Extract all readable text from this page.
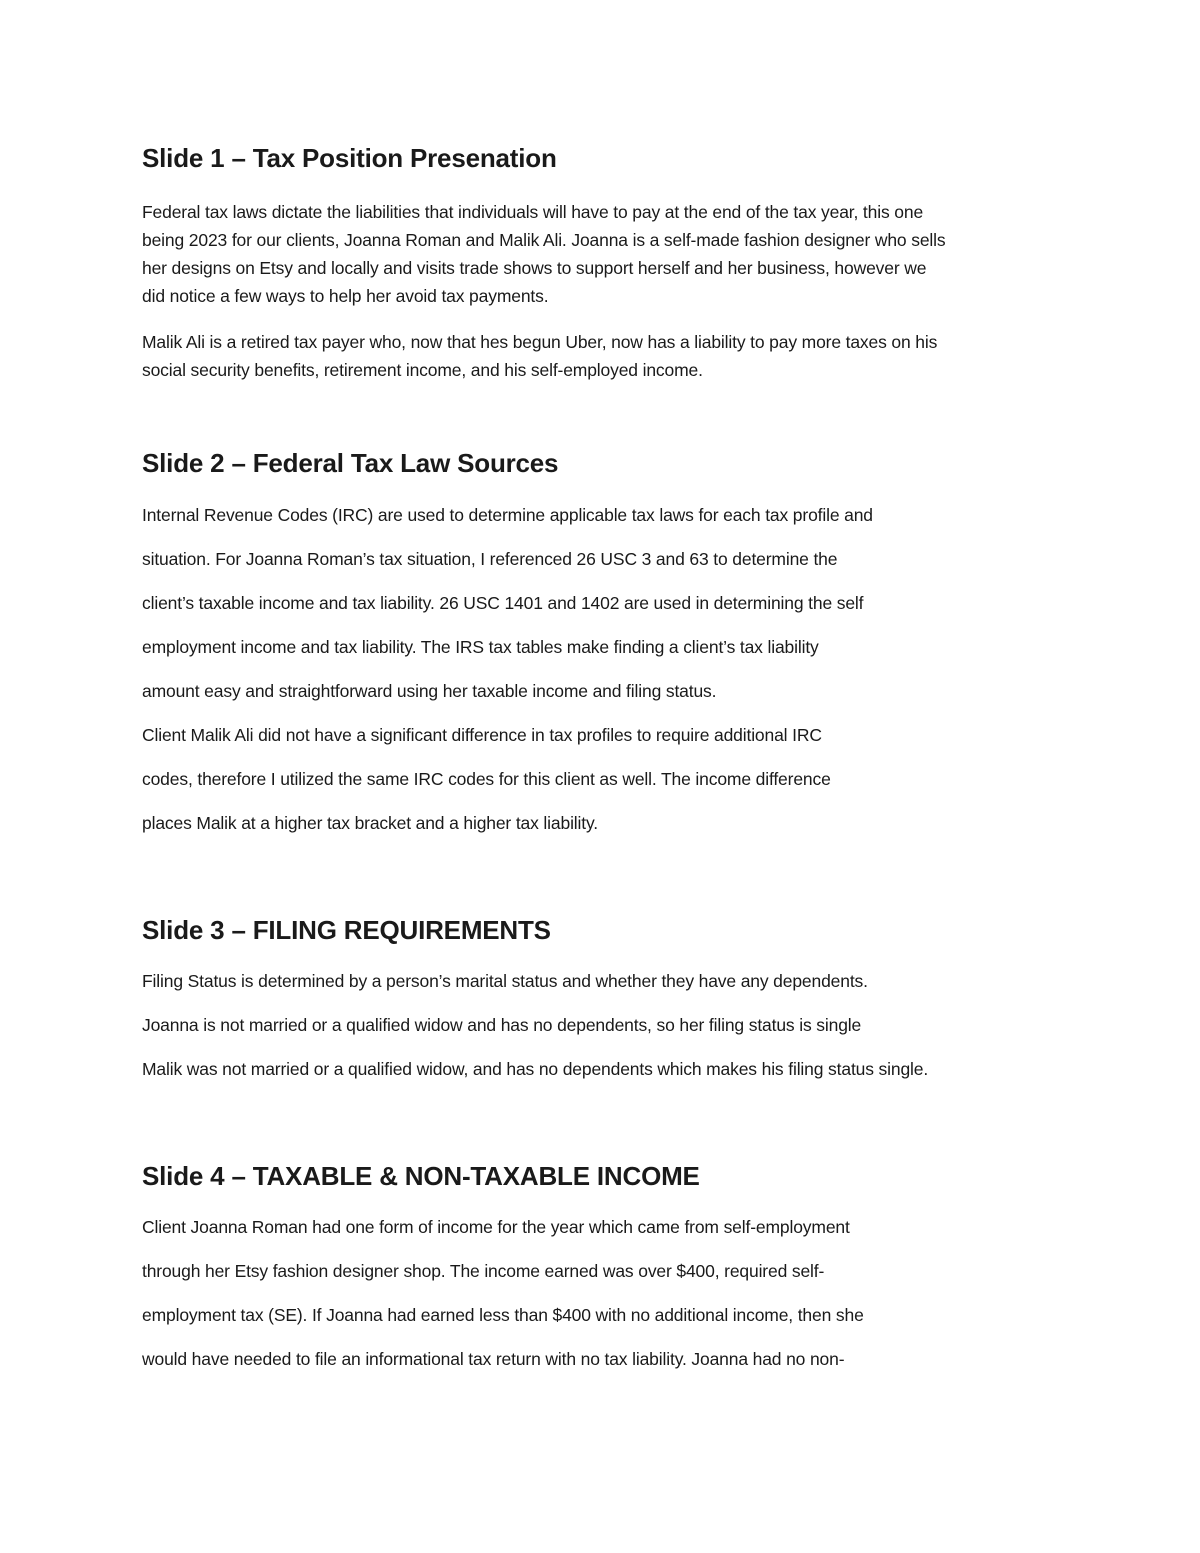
Slide 1 – Tax Position Presenation

Federal tax laws dictate the liabilities that individuals will have to pay at the end of the tax year, this one

being 2023 for our clients, Joanna Roman and Malik Ali. Joanna is a self-made fashion designer who sells

her designs on Etsy and locally and visits trade shows to support herself and her business, however we

did notice a few ways to help her avoid tax payments.

Malik Ali is a retired tax payer who, now that hes begun Uber, now has a liability to pay more taxes on his

social security benefits, retirement income, and his self-employed income.

Slide 2 – Federal Tax Law Sources

Internal Revenue Codes (IRC) are used to determine applicable tax laws for each tax profile and

situation. For Joanna Roman’s tax situation, I referenced 26 USC 3 and 63 to determine the

client’s taxable income and tax liability. 26 USC 1401 and 1402 are used in determining the self

employment income and tax liability. The IRS tax tables make finding a client’s tax liability

amount easy and straightforward using her taxable income and filing status.

Client Malik Ali did not have a significant difference in tax profiles to require additional IRC

codes, therefore I utilized the same IRC codes for this client as well. The income difference

places Malik at a higher tax bracket and a higher tax liability.

Slide 3 – FILING REQUIREMENTS

Filing Status is determined by a person’s marital status and whether they have any dependents.

Joanna is not married or a qualified widow and has no dependents, so her filing status is single

Malik was not married or a qualified widow, and has no dependents which makes his filing status single.

Slide 4 – TAXABLE & NON-TAXABLE INCOME

Client Joanna Roman had one form of income for the year which came from self-employment

through her Etsy fashion designer shop. The income earned was over $400, required self-

employment tax (SE). If Joanna had earned less than $400 with no additional income, then she

would have needed to file an informational tax return with no tax liability. Joanna had no non-
